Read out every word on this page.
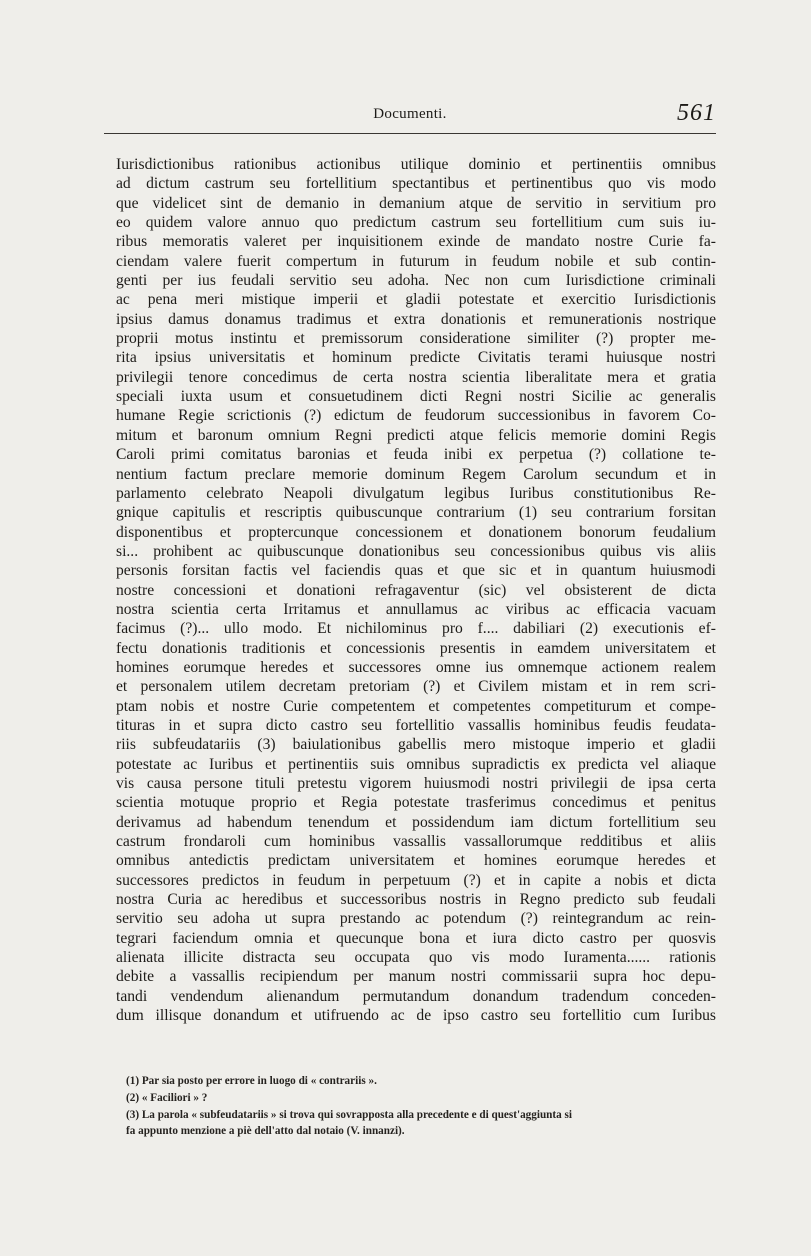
Documenti.	561
Iurisdictionibus rationibus actionibus utilique dominio et pertinentiis omnibus
ad dictum castrum seu fortellitium spectantibus et pertinentibus quo vis modo
que videlicet sint de demanio in demanium atque de servitio in servitium pro
eo quidem valore annuo quo predictum castrum seu fortellitium cum suis iu-
ribus memoratis valeret per inquisitionem exinde de mandato nostre Curie fa-
ciendam valere fuerit compertum in futurum in feudum nobile et sub contin-
genti per ius feudali servitio seu adoha. Nec non cum Iurisdictione criminali
ac pena meri mistique imperii et gladii potestate et exercitio Iurisdictionis
ipsius damus donamus tradimus et extra donationis et remunerationis nostrique
proprii motus instintu et premissorum consideratione similiter (?) propter me-
rita ipsius universitatis et hominum predicte Civitatis terami huiusque nostri
privilegii tenore concedimus de certa nostra scientia liberalitate mera et gratia
speciali iuxta usum et consuetudinem dicti Regni nostri Sicilie ac generalis
humane Regie scrictionis (?) edictum de feudorum successionibus in favorem Co-
mitum et baronum omnium Regni predicti atque felicis memorie domini Regis
Caroli primi comitatus baronias et feuda inibi ex perpetua (?) collatione te-
nentium factum preclare memorie dominum Regem Carolum secundum et in
parlamento celebrato Neapoli divulgatum legibus Iuribus constitutionibus Re-
gnique capitulis et rescriptis quibuscunque contrarium (1) seu contrarium forsitan
disponentibus et propterсunque concessionem et donationem bonorum feudalium
si... prohibent ac quibuscunque donationibus seu concessionibus quibus vis aliis
personis forsitan factis vel faciendis quas et que sic et in quantum huiusmodi
nostre concessioni et donationi refragaventur (sic) vel obsisterent de dicta
nostra scientia certa Irritamus et annullamus ac viribus ac efficacia vacuam
facimus (?)... ullo modo. Et nichilominus pro f.... dabiliari (2) executionis ef-
fectu donationis traditionis et concessionis presentis in eamdem universitatem et
homines eorumque heredes et successores omne ius omnemque actionem realem
et personalem utilem decretam pretoriam (?) et Civilem mistam et in rem scri-
ptam nobis et nostre Curie competentem et competentes competiturum et compe-
tituras in et supra dicto castro seu fortellitio vassallis hominibus feudis feudata-
riis subfeudatariis (3) baiulationibus gabellis mero mistoque imperio et gladii
potestate ac Iuribus et pertinentiis suis omnibus supradictis ex predicta vel aliaque
vis causa persone tituli pretestu vigorem huiusmodi nostri privilegii de ipsa certa
scientia motuque proprio et Regia potestate trasferimus concedimus et penitus
derivamus ad habendum tenendum et possidendum iam dictum fortellitium seu
castrum frondaroli cum hominibus vassallis vassallorumque redditibus et aliis
omnibus antedictis predictam universitatem et homines eorumque heredes et
successores predictos in feudum in perpetuum (?) et in capite a nobis et dicta
nostra Curia ac heredibus et successoribus nostris in Regno predicto sub feudali
servitio seu adoha ut supra prestando ac potendum (?) reintegrandum ac rein-
tegrari faciendum omnia et quecunque bona et iura dicto castro per quosvis
alienata illicite distracta seu occupata quo vis modo Iuramenta...... rationis
debite a vassallis recipiendum per manum nostri commissarii supra hoc depu-
tandi vendendum alienandum permutandum donandum tradendum conceden-
dum illisque donandum et utifruendo ac de ipso castro seu fortellitio cum Iuribus
(1) Par sia posto per errore in luogo di « contrariis ».
(2) « Faciliori » ?
(3) La parola « subfeudatariis » si trova qui sovrapposta alla precedente e di quest'aggiunta si
fa appunto menzione a piè dell'atto dal notaio (V. innanzi).
